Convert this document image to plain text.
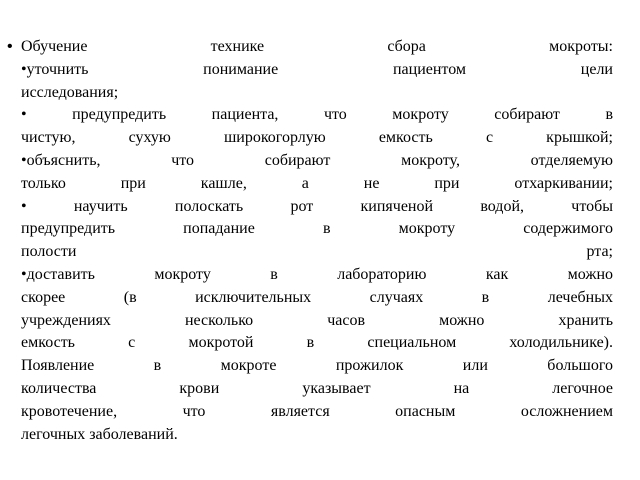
• Обучение технике сбора мокроты:
•уточнить понимание пациентом цели
исследования;
• предупредить пациента, что мокроту собирают в
чистую, сухую широкогорлую емкость с крышкой;
•объяснить, что собирают мокроту, отделяемую
только при кашле, а не при отхаркивании;
• научить полоскать рот кипяченой водой, чтобы
предупредить попадание в мокроту содержимого
полости рта;
•доставить мокроту в лабораторию как можно
скорее (в исключительных случаях в лечебных
учреждениях несколько часов можно хранить
емкость с мокротой в специальном холодильнике).
Появление в мокроте прожилок или большого
количества крови указывает на легочное
кровотечение, что является опасным осложнением
легочных заболеваний.
